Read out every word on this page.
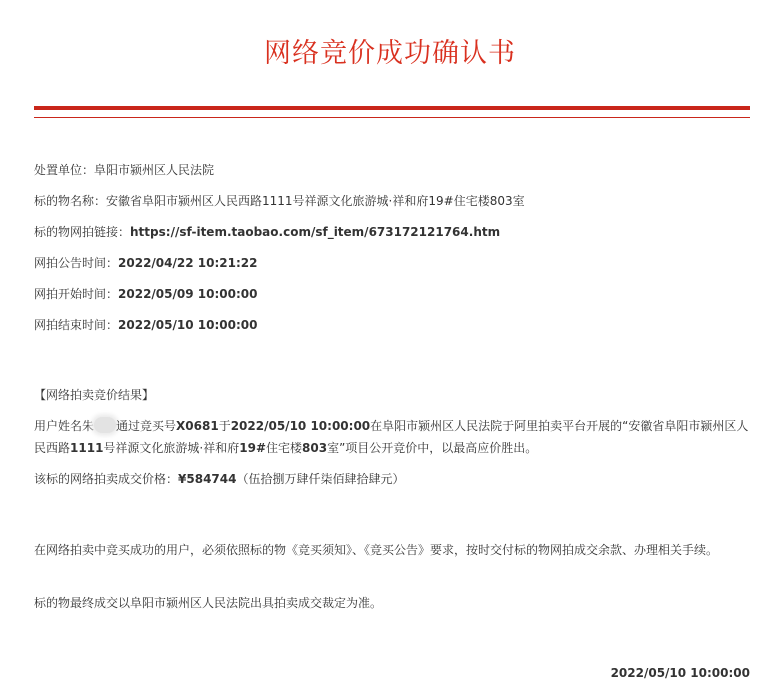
网络竞价成功确认书
处置单位：阜阳市颍州区人民法院
标的物名称：安徽省阜阳市颍州区人民西路1111号祥源文化旅游城·祥和府19#住宅楼803室
标的物网拍链接：https://sf-item.taobao.com/sf_item/673172121764.htm
网拍公告时间：2022/04/22 10:21:22
网拍开始时间：2022/05/09 10:00:00
网拍结束时间：2022/05/10 10:00:00
【网络拍卖竞价结果】
用户姓名朱 通过竞买号X0681于2022/05/10 10:00:00在阜阳市颍州区人民法院于阿里拍卖平台开展的“安徽省阜阳市颍州区人民西路1111号祥源文化旅游城·祥和府19#住宅楼803室”项目公开竞价中，以最高应价胜出。
该标的网络拍卖成交价格：¥584744（伍拾捌万肆仟柒佰肆拾肆元）
在网络拍卖中竞买成功的用户，必须依照标的物《竞买须知》、《竞买公告》要求，按时交付标的物网拍成交余款、办理相关手续。
标的物最终成交以阜阳市颍州区人民法院出具拍卖成交裁定为准。
2022/05/10 10:00:00
